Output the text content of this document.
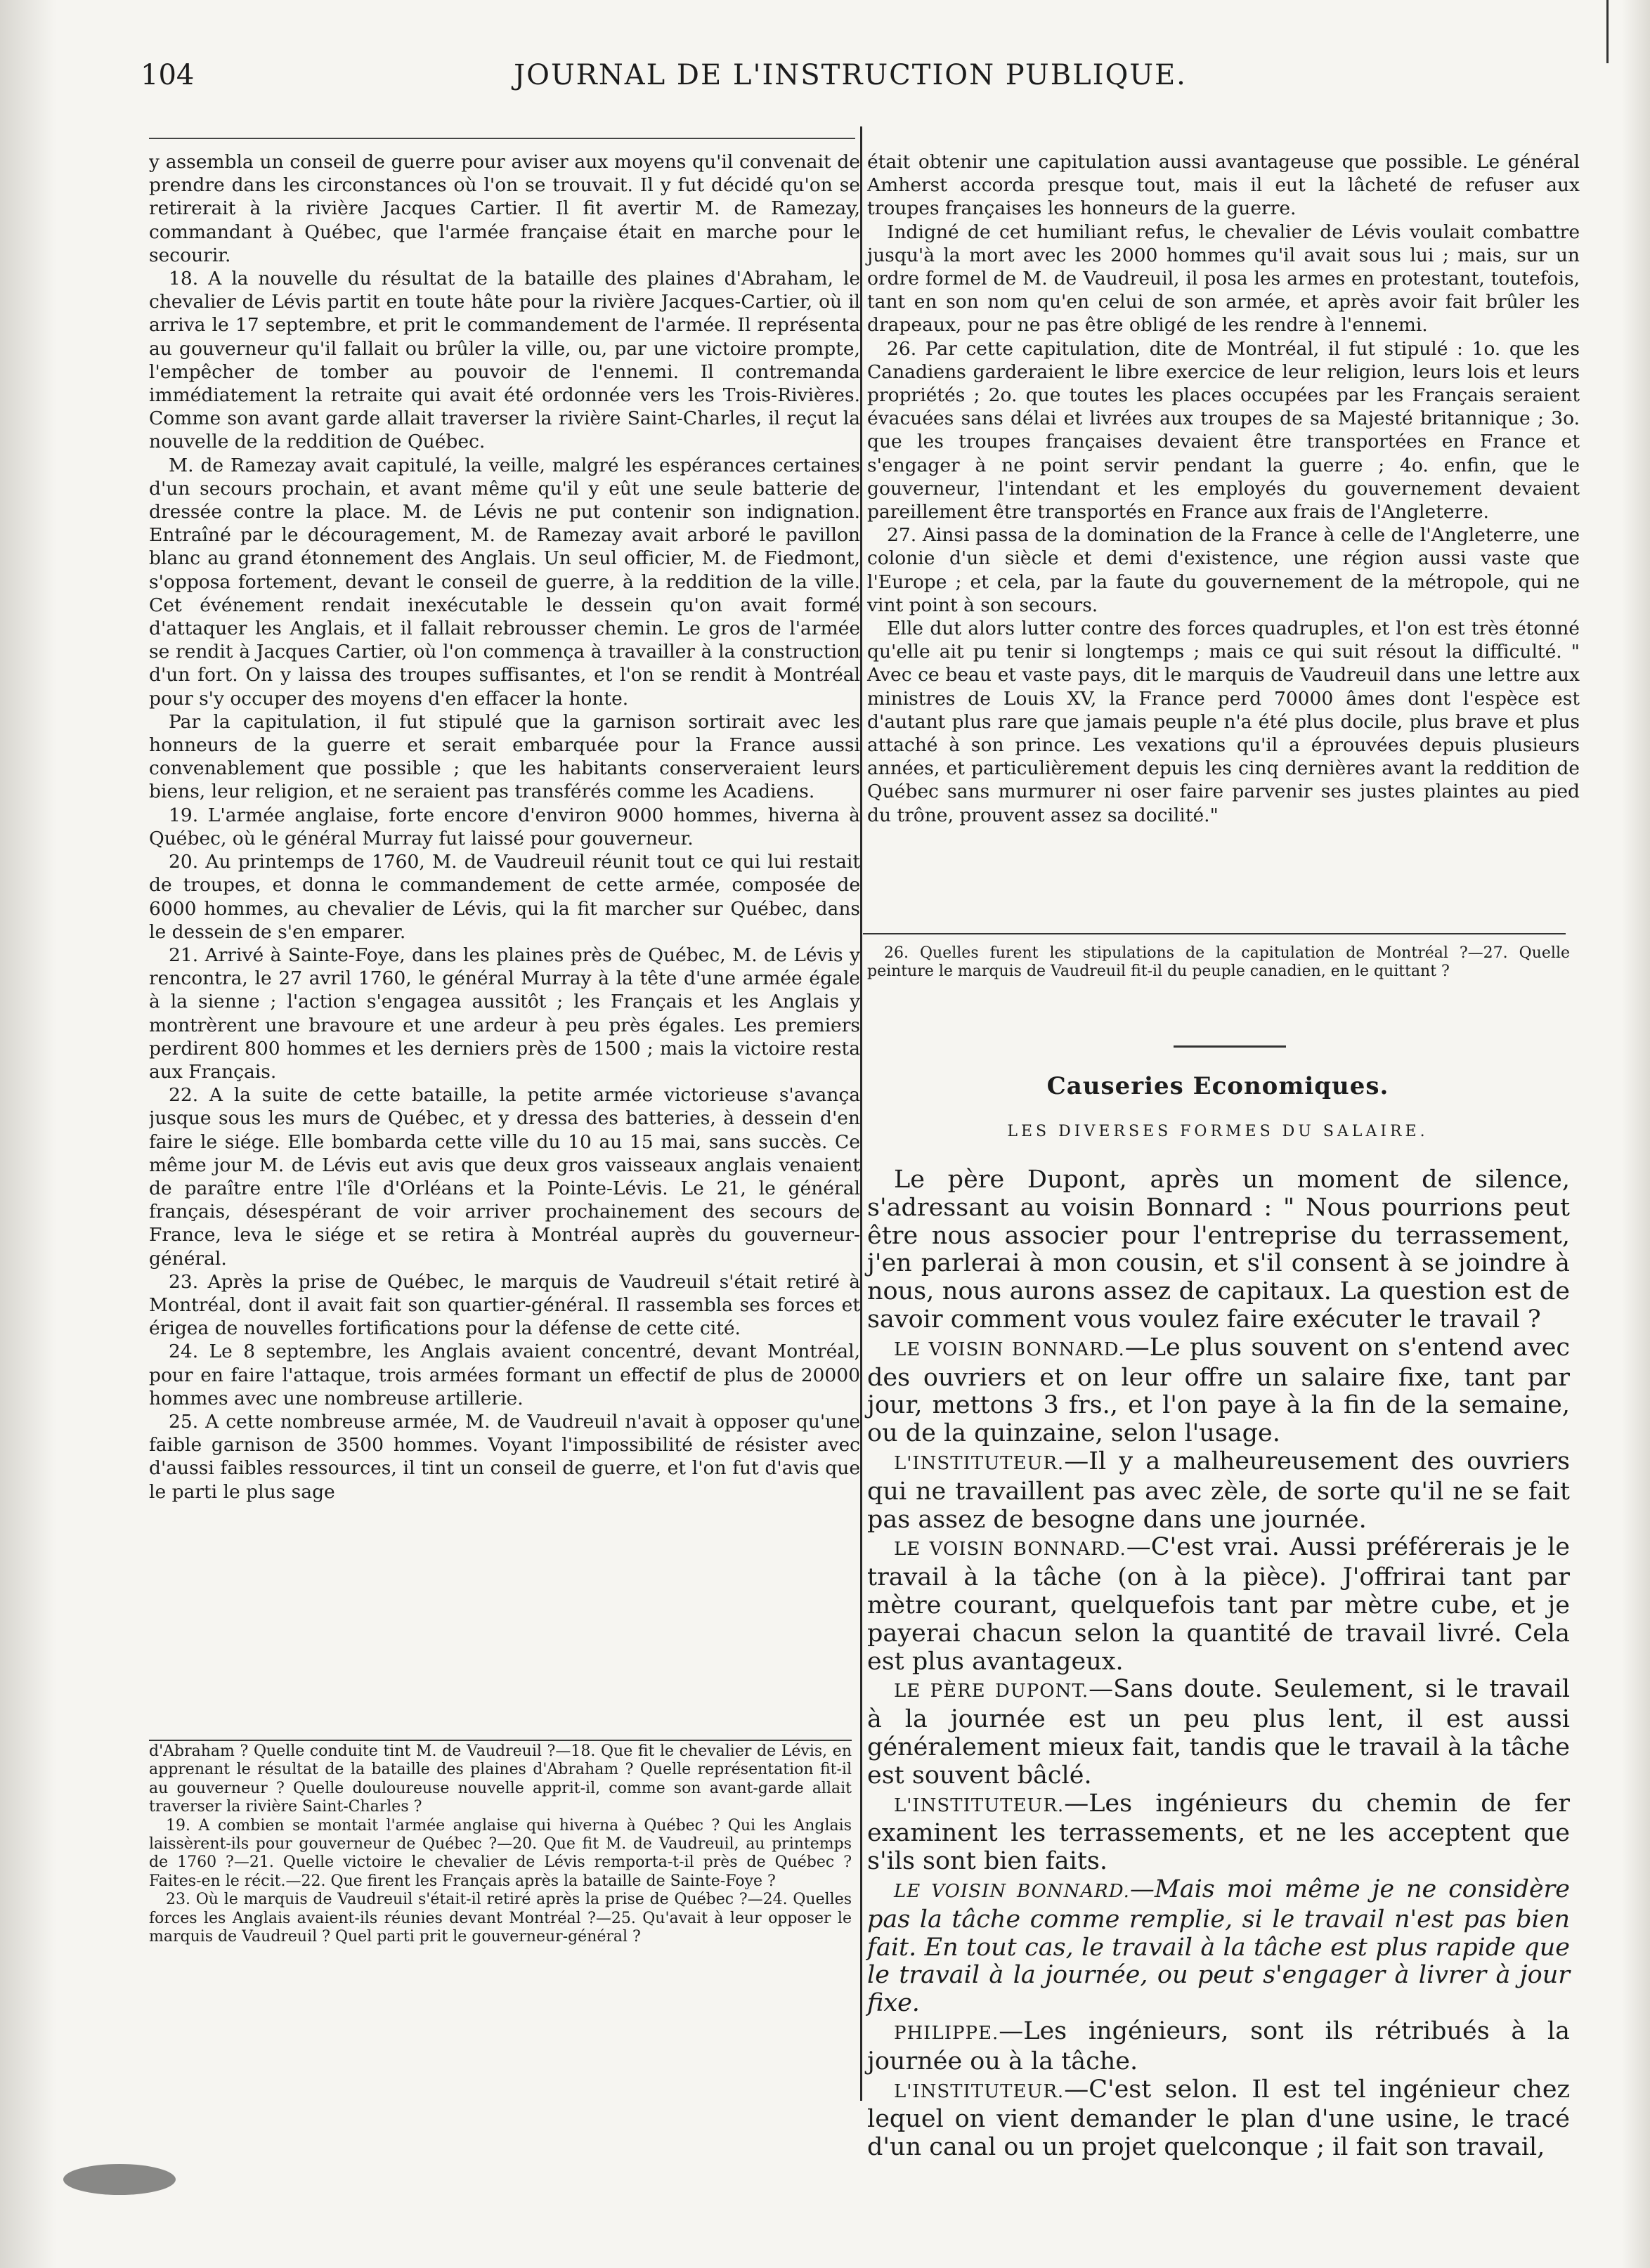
104	JOURNAL DE L'INSTRUCTION PUBLIQUE.

y assembla un conseil de guerre pour aviser aux moyens qu'il convenait de prendre dans les circonstances où l'on se trouvait. Il y fut décidé qu'on se retirerait à la rivière Jacques Cartier. Il fit avertir M. de Ramezay, commandant à Québec, que l'armée française était en marche pour le secourir.

18. A la nouvelle du résultat de la bataille des plaines d'Abraham, le chevalier de Lévis partit en toute hâte pour la rivière Jacques-Cartier, où il arriva le 17 septembre, et prit le commandement de l'armée. Il représenta au gouverneur qu'il fallait ou brûler la ville, ou, par une victoire prompte, l'empêcher de tomber au pouvoir de l'ennemi. Il contremanda immédiatement la retraite qui avait été ordonnée vers les Trois-Rivières. Comme son avant garde allait traverser la rivière Saint-Charles, il reçut la nouvelle de la reddition de Québec.

M. de Ramezay avait capitulé, la veille, malgré les espérances certaines d'un secours prochain, et avant même qu'il y eût une seule batterie de dressée contre la place. M. de Lévis ne put contenir son indignation. Entraîné par le découragement, M. de Ramezay avait arboré le pavillon blanc au grand étonnement des Anglais. Un seul officier, M. de Fiedmont, s'opposa fortement, devant le conseil de guerre, à la reddition de la ville. Cet événement rendait inexécutable le dessein qu'on avait formé d'attaquer les Anglais, et il fallait rebrousser chemin. Le gros de l'armée se rendit à Jacques Cartier, où l'on commença à travailler à la construction d'un fort. On y laissa des troupes suffisantes, et l'on se rendit à Montréal pour s'y occuper des moyens d'en effacer la honte.

Par la capitulation, il fut stipulé que la garnison sortirait avec les honneurs de la guerre et serait embarquée pour la France aussi convenablement que possible ; que les habitants conserveraient leurs biens, leur religion, et ne seraient pas transférés comme les Acadiens.

19. L'armée anglaise, forte encore d'environ 9000 hommes, hiverna à Québec, où le général Murray fut laissé pour gouverneur.

20. Au printemps de 1760, M. de Vaudreuil réunit tout ce qui lui restait de troupes, et donna le commandement de cette armée, composée de 6000 hommes, au chevalier de Lévis, qui la fit marcher sur Québec, dans le dessein de s'en emparer.

21. Arrivé à Sainte-Foye, dans les plaines près de Québec, M. de Lévis y rencontra, le 27 avril 1760, le général Murray à la tête d'une armée égale à la sienne ; l'action s'engagea aussitôt ; les Français et les Anglais y montrèrent une bravoure et une ardeur à peu près égales. Les premiers perdirent 800 hommes et les derniers près de 1500 ; mais la victoire resta aux Français.

22. A la suite de cette bataille, la petite armée victorieuse s'avança jusque sous les murs de Québec, et y dressa des batteries, à dessein d'en faire le siége. Elle bombarda cette ville du 10 au 15 mai, sans succès. Ce même jour M. de Lévis eut avis que deux gros vaisseaux anglais venaient de paraître entre l'île d'Orléans et la Pointe-Lévis. Le 21, le général français, désespérant de voir arriver prochainement des secours de France, leva le siége et se retira à Montréal auprès du gouverneur-général.

23. Après la prise de Québec, le marquis de Vaudreuil s'était retiré à Montréal, dont il avait fait son quartier-général. Il rassembla ses forces et érigea de nouvelles fortifications pour la défense de cette cité.

24. Le 8 septembre, les Anglais avaient concentré, devant Montréal, pour en faire l'attaque, trois armées formant un effectif de plus de 20000 hommes avec une nombreuse artillerie.

25. A cette nombreuse armée, M. de Vaudreuil n'avait à opposer qu'une faible garnison de 3500 hommes. Voyant l'impossibilité de résister avec d'aussi faibles ressources, il tint un conseil de guerre, et l'on fut d'avis que le parti le plus sage

d'Abraham ? Quelle conduite tint M. de Vaudreuil ?—18. Que fit le chevalier de Lévis, en apprenant le résultat de la bataille des plaines d'Abraham ? Quelle représentation fit-il au gouverneur ? Quelle douloureuse nouvelle apprit-il, comme son avant-garde allait traverser la rivière Saint-Charles ?

19. A combien se montait l'armée anglaise qui hiverna à Québec ? Qui les Anglais laissèrent-ils pour gouverneur de Québec ?—20. Que fit M. de Vaudreuil, au printemps de 1760 ?—21. Quelle victoire le chevalier de Lévis remporta-t-il près de Québec ? Faites-en le récit.—22. Que firent les Français après la bataille de Sainte-Foye ?

23. Où le marquis de Vaudreuil s'était-il retiré après la prise de Québec ?—24. Quelles forces les Anglais avaient-ils réunies devant Montréal ?—25. Qu'avait à leur opposer le marquis de Vaudreuil ? Quel parti prit le gouverneur-général ?

était obtenir une capitulation aussi avantageuse que possible. Le général Amherst accorda presque tout, mais il eut la lâcheté de refuser aux troupes françaises les honneurs de la guerre.

Indigné de cet humiliant refus, le chevalier de Lévis voulait combattre jusqu'à la mort avec les 2000 hommes qu'il avait sous lui ; mais, sur un ordre formel de M. de Vaudreuil, il posa les armes en protestant, toutefois, tant en son nom qu'en celui de son armée, et après avoir fait brûler les drapeaux, pour ne pas être obligé de les rendre à l'ennemi.

26. Par cette capitulation, dite de Montréal, il fut stipulé : 1o. que les Canadiens garderaient le libre exercice de leur religion, leurs lois et leurs propriétés ; 2o. que toutes les places occupées par les Français seraient évacuées sans délai et livrées aux troupes de sa Majesté britannique ; 3o. que les troupes françaises devaient être transportées en France et s'engager à ne point servir pendant la guerre ; 4o. enfin, que le gouverneur, l'intendant et les employés du gouvernement devaient pareillement être transportés en France aux frais de l'Angleterre.

27. Ainsi passa de la domination de la France à celle de l'Angleterre, une colonie d'un siècle et demi d'existence, une région aussi vaste que l'Europe ; et cela, par la faute du gouvernement de la métropole, qui ne vint point à son secours.

Elle dut alors lutter contre des forces quadruples, et l'on est très étonné qu'elle ait pu tenir si longtemps ; mais ce qui suit résout la difficulté. " Avec ce beau et vaste pays, dit le marquis de Vaudreuil dans une lettre aux ministres de Louis XV, la France perd 70000 âmes dont l'espèce est d'autant plus rare que jamais peuple n'a été plus docile, plus brave et plus attaché à son prince. Les vexations qu'il a éprouvées depuis plusieurs années, et particulièrement depuis les cinq dernières avant la reddition de Québec sans murmurer ni oser faire parvenir ses justes plaintes au pied du trône, prouvent assez sa docilité."

26. Quelles furent les stipulations de la capitulation de Montréal ?—27. Quelle peinture le marquis de Vaudreuil fit-il du peuple canadien, en le quittant ?

Causeries Economiques.
LES DIVERSES FORMES DU SALAIRE.

Le père Dupont, après un moment de silence, s'adressant au voisin Bonnard : " Nous pourrions peut être nous associer pour l'entreprise du terrassement, j'en parlerai à mon cousin, et s'il consent à se joindre à nous, nous aurons assez de capitaux. La question est de savoir comment vous voulez faire exécuter le travail ?

LE VOISIN BONNARD.—Le plus souvent on s'entend avec des ouvriers et on leur offre un salaire fixe, tant par jour, mettons 3 frs., et l'on paye à la fin de la semaine, ou de la quinzaine, selon l'usage.

L'INSTITUTEUR.—Il y a malheureusement des ouvriers qui ne travaillent pas avec zèle, de sorte qu'il ne se fait pas assez de besogne dans une journée.

LE VOISIN BONNARD.—C'est vrai. Aussi préférerais je le travail à la tâche (on à la pièce). J'offrirai tant par mètre courant, quelquefois tant par mètre cube, et je payerai chacun selon la quantité de travail livré. Cela est plus avantageux.

LE PÈRE DUPONT.—Sans doute. Seulement, si le travail à la journée est un peu plus lent, il est aussi généralement mieux fait, tandis que le travail à la tâche est souvent bâclé.

L'INSTITUTEUR.—Les ingénieurs du chemin de fer examinent les terrassements, et ne les acceptent que s'ils sont bien faits.

LE VOISIN BONNARD.—Mais moi même je ne considère pas la tâche comme remplie, si le travail n'est pas bien fait. En tout cas, le travail à la tâche est plus rapide que le travail à la journée, ou peut s'engager à livrer à jour fixe.

PHILIPPE.—Les ingénieurs, sont ils rétribués à la journée ou à la tâche.

L'INSTITUTEUR.—C'est selon. Il est tel ingénieur chez lequel on vient demander le plan d'une usine, le tracé d'un canal ou un projet quelconque ; il fait son travail,
